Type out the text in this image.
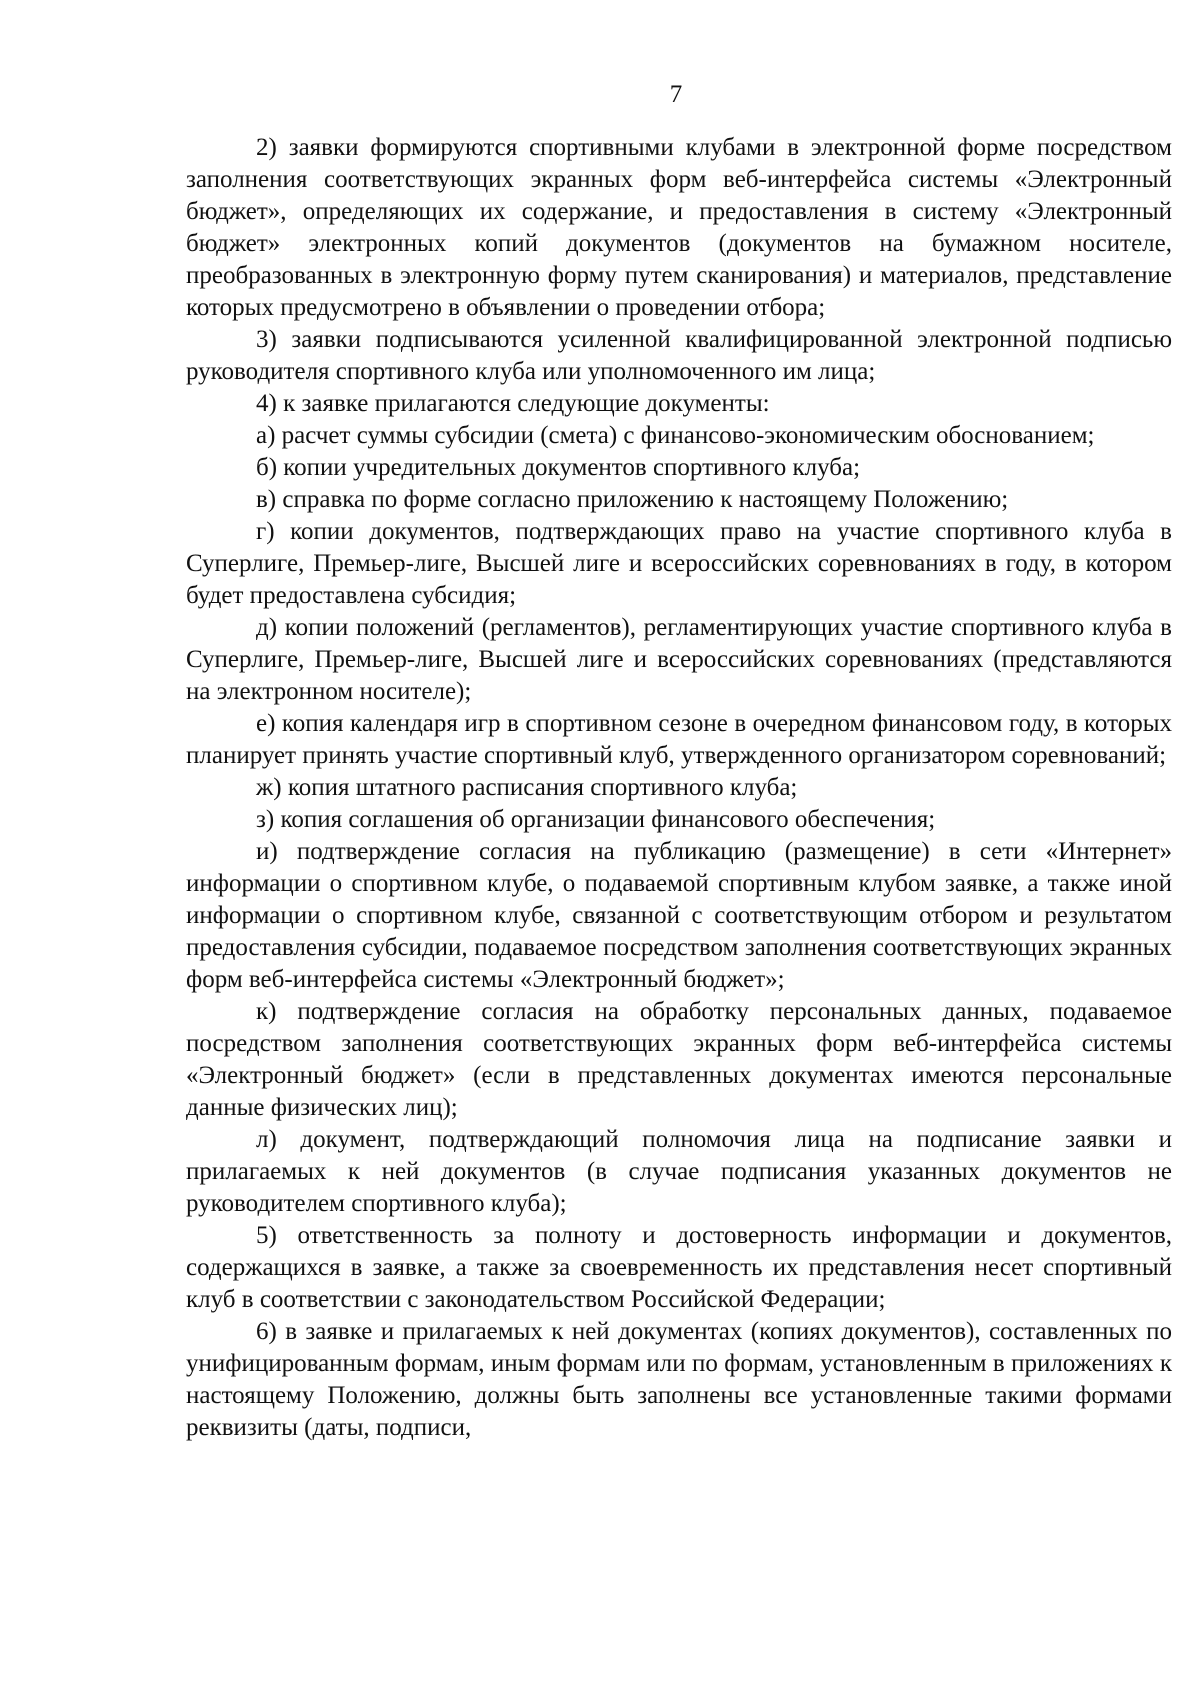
7

2) заявки формируются спортивными клубами в электронной форме посредством заполнения соответствующих экранных форм веб-интерфейса системы «Электронный бюджет», определяющих их содержание, и предоставления в систему «Электронный бюджет» электронных копий документов (документов на бумажном носителе, преобразованных в электронную форму путем сканирования) и материалов, представление которых предусмотрено в объявлении о проведении отбора;

3) заявки подписываются усиленной квалифицированной электронной подписью руководителя спортивного клуба или уполномоченного им лица;

4) к заявке прилагаются следующие документы:

а) расчет суммы субсидии (смета) с финансово-экономическим обоснованием;

б) копии учредительных документов спортивного клуба;

в) справка по форме согласно приложению к настоящему Положению;

г) копии документов, подтверждающих право на участие спортивного клуба в Суперлиге, Премьер-лиге, Высшей лиге и всероссийских соревнованиях в году, в котором будет предоставлена субсидия;

д) копии положений (регламентов), регламентирующих участие спортивного клуба в Суперлиге, Премьер-лиге, Высшей лиге и всероссийских соревнованиях (представляются на электронном носителе);

е) копия календаря игр в спортивном сезоне в очередном финансовом году, в которых планирует принять участие спортивный клуб, утвержденного организатором соревнований;

ж) копия штатного расписания спортивного клуба;

з) копия соглашения об организации финансового обеспечения;

и) подтверждение согласия на публикацию (размещение) в сети «Интернет» информации о спортивном клубе, о подаваемой спортивным клубом заявке, а также иной информации о спортивном клубе, связанной с соответствующим отбором и результатом предоставления субсидии, подаваемое посредством заполнения соответствующих экранных форм веб-интерфейса системы «Электронный бюджет»;

к) подтверждение согласия на обработку персональных данных, подаваемое посредством заполнения соответствующих экранных форм веб-интерфейса системы «Электронный бюджет» (если в представленных документах имеются персональные данные физических лиц);

л) документ, подтверждающий полномочия лица на подписание заявки и прилагаемых к ней документов (в случае подписания указанных документов не руководителем спортивного клуба);

5) ответственность за полноту и достоверность информации и документов, содержащихся в заявке, а также за своевременность их представления несет спортивный клуб в соответствии с законодательством Российской Федерации;

6) в заявке и прилагаемых к ней документах (копиях документов), составленных по унифицированным формам, иным формам или по формам, установленным в приложениях к настоящему Положению, должны быть заполнены все установленные такими формами реквизиты (даты, подписи,
